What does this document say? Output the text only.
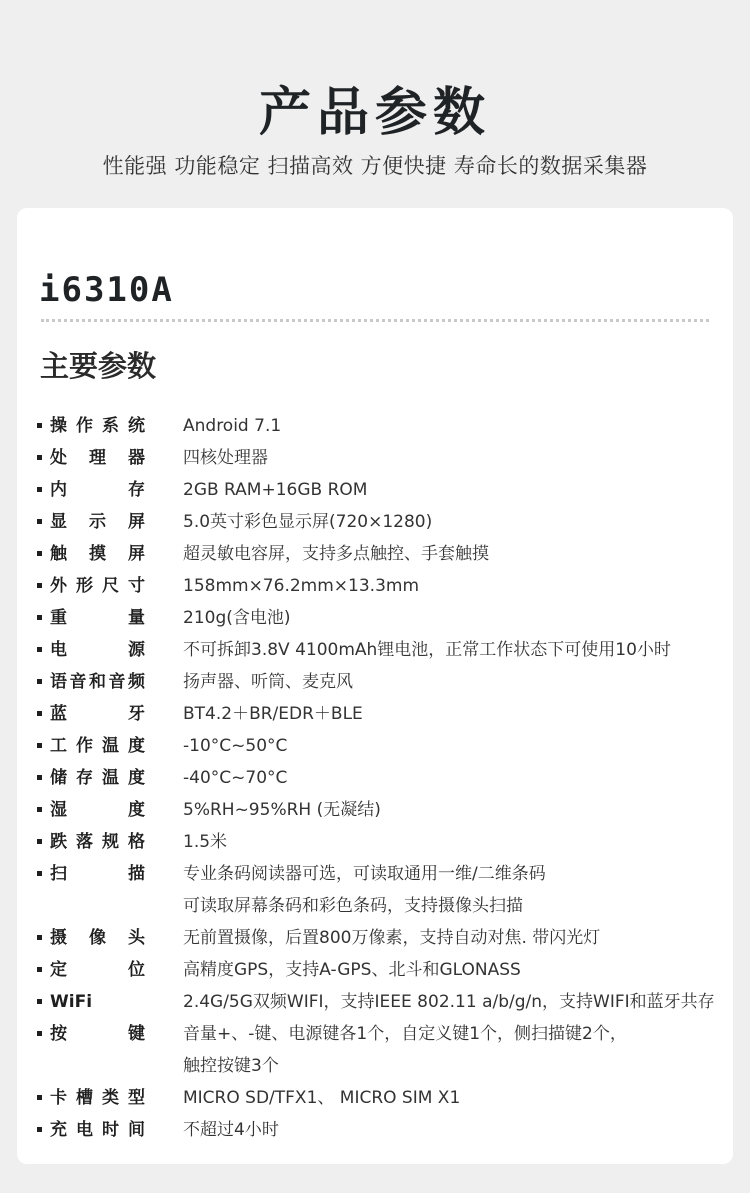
产品参数
性能强 功能稳定 扫描高效 方便快捷 寿命长的数据采集器
i6310A
主要参数
操作系统 Android 7.1
处理器 四核处理器
内存 2GB RAM+16GB ROM
显示屏 5.0英寸彩色显示屏(720×1280)
触摸屏 超灵敏电容屏，支持多点触控、手套触摸
外形尺寸 158mm×76.2mm×13.3mm
重量 210g(含电池)
电源 不可拆卸3.8V 4100mAh锂电池，正常工作状态下可使用10小时
语音和音频 扬声器、听筒、麦克风
蓝牙 BT4.2＋BR/EDR＋BLE
工作温度 -10°C~50°C
储存温度 -40°C~70°C
湿度 5%RH~95%RH (无凝结)
跌落规格 1.5米
扫描 专业条码阅读器可选，可读取通用一维/二维条码
可读取屏幕条码和彩色条码，支持摄像头扫描
摄像头 无前置摄像，后置800万像素，支持自动对焦. 带闪光灯
定位 高精度GPS，支持A-GPS、北斗和GLONASS
WiFi	2.4G/5G双频WIFI，支持IEEE 802.11 a/b/g/n，支持WIFI和蓝牙共存
按键 音量+、-键、电源键各1个，自定义键1个，侧扫描键2个，
触控按键3个
卡槽类型 MICRO SD/TFX1、 MICRO SIM X1
充电时间 不超过4小时
